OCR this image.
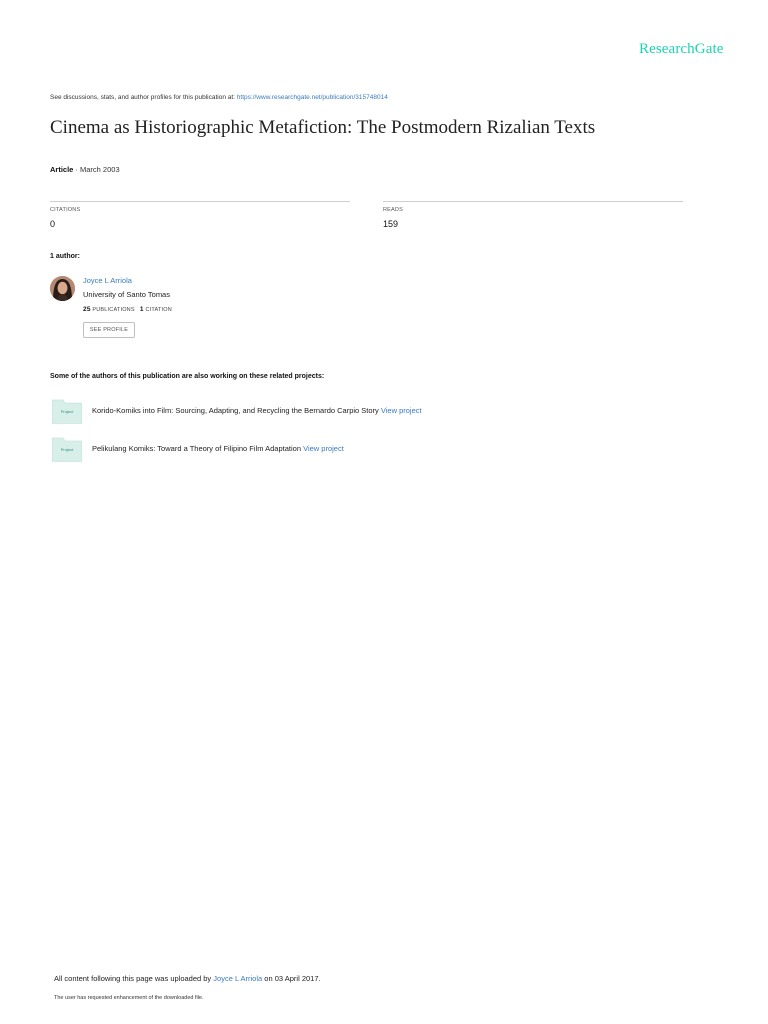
ResearchGate
See discussions, stats, and author profiles for this publication at: https://www.researchgate.net/publication/315748014
Cinema as Historiographic Metafiction: The Postmodern Rizalian Texts
Article · March 2003
CITATIONS
0
READS
159
1 author:
Joyce L Arriola
University of Santo Tomas
25 PUBLICATIONS 1 CITATION
SEE PROFILE
Some of the authors of this publication are also working on these related projects:
Project	Korido-Komiks into Film: Sourcing, Adapting, and Recycling the Bernardo Carpio Story View project
Project	Pelikulang Komiks: Toward a Theory of Filipino Film Adaptation View project
All content following this page was uploaded by Joyce L Arriola on 03 April 2017.
The user has requested enhancement of the downloaded file.
